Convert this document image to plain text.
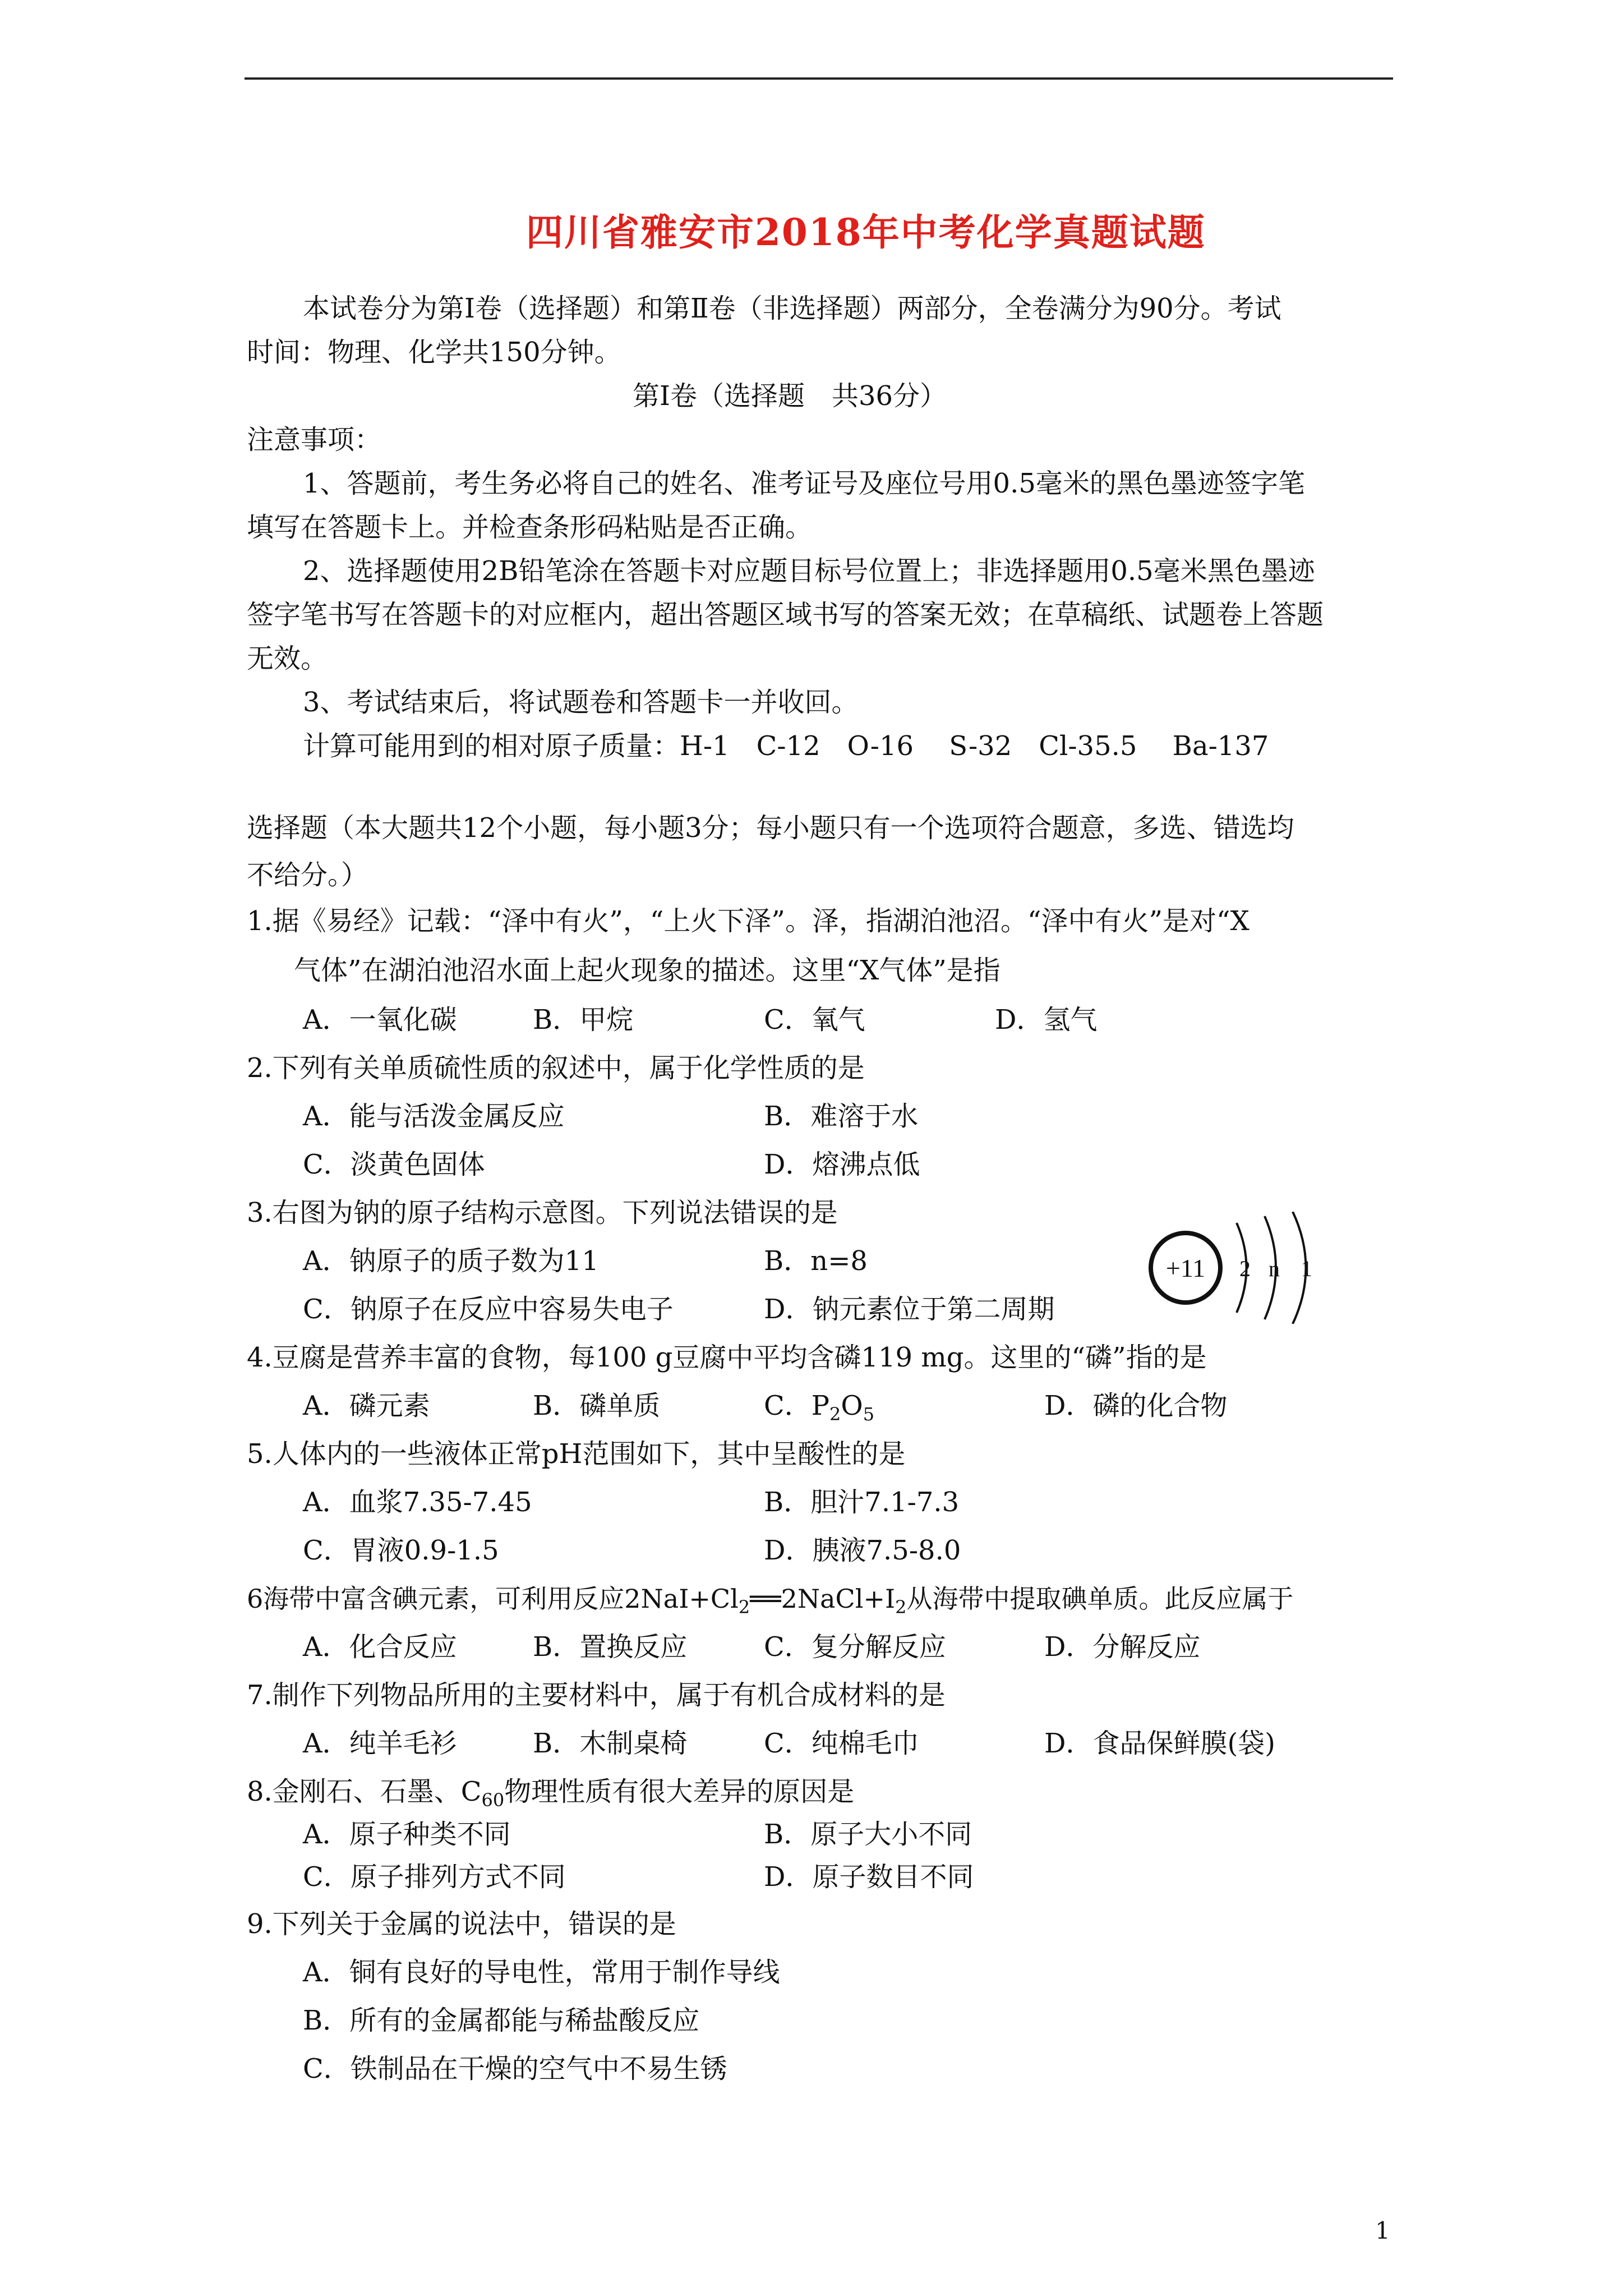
四川省雅安市2018年中考化学真题试题
本试卷分为第Ⅰ卷（选择题）和第Ⅱ卷（非选择题）两部分，全卷满分为90分。考试
时间：物理、化学共150分钟。
第Ⅰ卷（选择题　共36分）
注意事项：
1、答题前，考生务必将自己的姓名、准考证号及座位号用0.5毫米的黑色墨迹签字笔
填写在答题卡上。并检查条形码粘贴是否正确。
2、选择题使用2B铅笔涂在答题卡对应题目标号位置上；非选择题用0.5毫米黑色墨迹
签字笔书写在答题卡的对应框内，超出答题区域书写的答案无效；在草稿纸、试题卷上答题
无效。
3、考试结束后，将试题卷和答题卡一并收回。
计算可能用到的相对原子质量：H-1　C-12　O-16　 S-32　Cl-35.5　 Ba-137
选择题（本大题共12个小题，每小题3分；每小题只有一个选项符合题意，多选、错选均
不给分。）
1.据《易经》记载：“泽中有火”，“上火下泽”。泽，指湖泊池沼。“泽中有火”是对“X
气体”在湖泊池沼水面上起火现象的描述。这里“X气体”是指
A．一氧化碳	B．甲烷	C．氧气	D．氢气
2.下列有关单质硫性质的叙述中，属于化学性质的是
A．能与活泼金属反应	B．难溶于水
C．淡黄色固体	D．熔沸点低
3.右图为钠的原子结构示意图。下列说法错误的是
A．钠原子的质子数为11	B．n=8
C．钠原子在反应中容易失电子	D．钠元素位于第二周期
+11 2 n 1
4.豆腐是营养丰富的食物，每100 g豆腐中平均含磷119 mg。这里的“磷”指的是
A．磷元素	B．磷单质	C．$P_2O_5$	D．磷的化合物
5.人体内的一些液体正常pH范围如下，其中呈酸性的是
A．血浆7.35-7.45	B．胆汁7.1-7.3
C．胃液0.9-1.5	D．胰液7.5-8.0
6海带中富含碘元素，可利用反应$2NaI+Cl_2══2NaCl+I_2$从海带中提取碘单质。此反应属于
A．化合反应	B．置换反应	C．复分解反应	D．分解反应
7.制作下列物品所用的主要材料中，属于有机合成材料的是
A．纯羊毛衫	B．木制桌椅	C．纯棉毛巾	D．食品保鲜膜(袋)
8.金刚石、石墨、$C_{60}$物理性质有很大差异的原因是
A．原子种类不同	B．原子大小不同
C．原子排列方式不同	D．原子数目不同
9.下列关于金属的说法中，错误的是
A．铜有良好的导电性，常用于制作导线
B．所有的金属都能与稀盐酸反应
C．铁制品在干燥的空气中不易生锈
1
